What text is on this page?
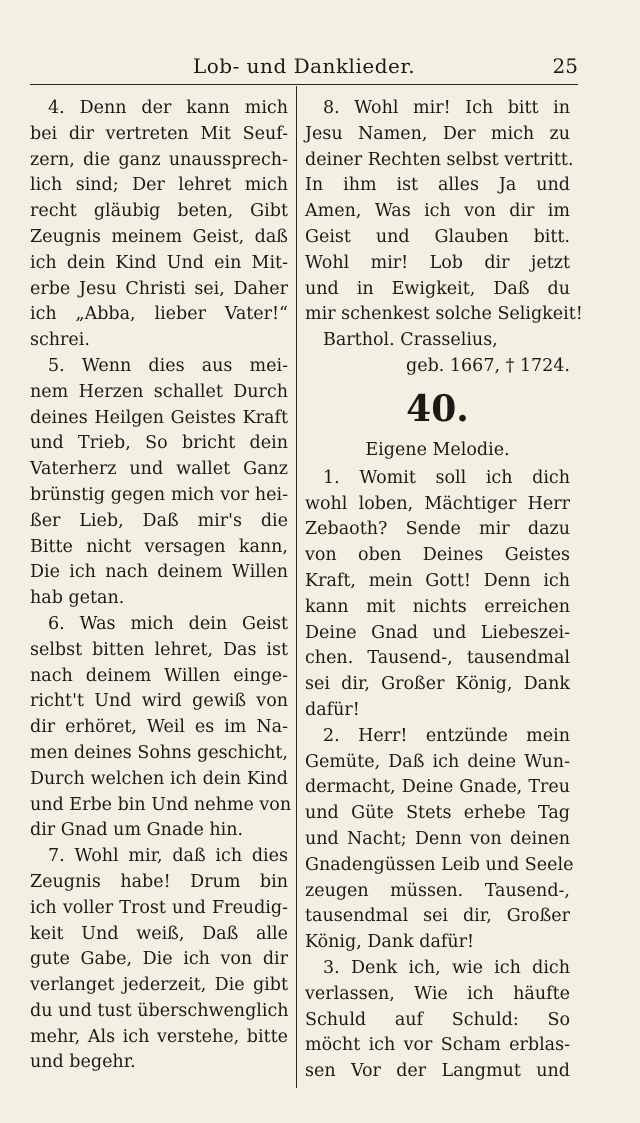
Lob- und Danklieder.	25
4. Denn der kann mich
bei dir vertreten Mit Seuf-
zern, die ganz unaussprech-
lich sind; Der lehret mich
recht gläubig beten, Gibt
Zeugnis meinem Geist, daß
ich dein Kind Und ein Mit-
erbe Jesu Christi sei, Daher
ich „Abba, lieber Vater!“
schrei.
5. Wenn dies aus mei-
nem Herzen schallet Durch
deines Heilgen Geistes Kraft
und Trieb, So bricht dein
Vaterherz und wallet Ganz
brünstig gegen mich vor hei-
ßer Lieb, Daß mir's die
Bitte nicht versagen kann,
Die ich nach deinem Willen
hab getan.
6. Was mich dein Geist
selbst bitten lehret, Das ist
nach deinem Willen einge-
richt't Und wird gewiß von
dir erhöret, Weil es im Na-
men deines Sohns geschicht,
Durch welchen ich dein Kind
und Erbe bin Und nehme von
dir Gnad um Gnade hin.
7. Wohl mir, daß ich dies
Zeugnis habe! Drum bin
ich voller Trost und Freudig-
keit Und weiß, Daß alle
gute Gabe, Die ich von dir
verlanget jederzeit, Die gibt
du und tust überschwenglich
mehr, Als ich verstehe, bitte
und begehr.
8. Wohl mir! Ich bitt in
Jesu Namen, Der mich zu
deiner Rechten selbst vertritt.
In ihm ist alles Ja und
Amen, Was ich von dir im
Geist und Glauben bitt.
Wohl mir! Lob dir jetzt
und in Ewigkeit, Daß du
mir schenkest solche Seligkeit!
Barthol. Crasselius,
geb. 1667, † 1724.
40.
Eigene Melodie.
1. Womit soll ich dich
wohl loben, Mächtiger Herr
Zebaoth? Sende mir dazu
von oben Deines Geistes
Kraft, mein Gott! Denn ich
kann mit nichts erreichen
Deine Gnad und Liebeszei-
chen. Tausend-, tausendmal
sei dir, Großer König, Dank
dafür!
2. Herr! entzünde mein
Gemüte, Daß ich deine Wun-
dermacht, Deine Gnade, Treu
und Güte Stets erhebe Tag
und Nacht; Denn von deinen
Gnadengüssen Leib und Seele
zeugen müssen. Tausend-,
tausendmal sei dir, Großer
König, Dank dafür!
3. Denk ich, wie ich dich
verlassen, Wie ich häufte
Schuld auf Schuld: So
möcht ich vor Scham erblas-
sen Vor der Langmut und
